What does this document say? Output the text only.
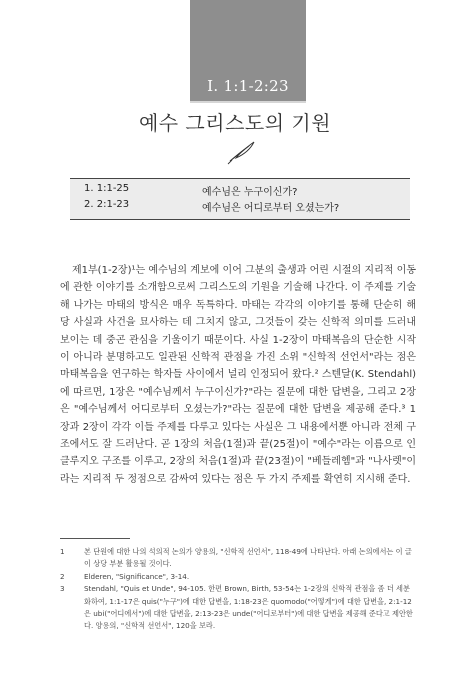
I. 1:1-2:23
예수 그리스도의 기원
1. 1:1-25	예수님은 누구이신가?
2. 2:1-23	예수님은 어디로부터 오셨는가?

제1부(1-2장)¹는 예수님의 계보에 이어 그분의 출생과 어린 시절의 지리적 이동에 관한 이야기를 소개함으로써 그리스도의 기원을 기술해 나간다. 이 주제를 기술해 나가는 마태의 방식은 매우 독특하다. 마태는 각각의 이야기를 통해 단순히 해당 사실과 사건을 묘사하는 데 그치지 않고, 그것들이 갖는 신학적 의미를 드러내 보이는 데 중곤 관심을 기울이기 때문이다. 사실 1-2장이 마태복음의 단순한 시작이 아니라 분명하고도 일관된 신학적 관점을 가진 소위 "신학적 선언서"라는 점은 마태복음을 연구하는 학자들 사이에서 널리 인정되어 왔다.² 스텐달(K. Stendahl)에 따르면, 1장은 "예수님께서 누구이신가?"라는 질문에 대한 답변을, 그리고 2장은 "예수님께서 어디로부터 오셨는가?"라는 질문에 대한 답변을 제공해 준다.³ 1장과 2장이 각각 이들 주제를 다루고 있다는 사실은 그 내용에서뿐 아니라 전체 구조에서도 잘 드러난다. 곧 1장의 처음(1절)과 끝(25절)이 "예수"라는 이름으로 인클루지오 구조를 이루고, 2장의 처음(1절)과 끝(23절)이 "베들레헴"과 "나사렛"이라는 지리적 두 정점으로 감싸여 있다는 점은 두 가지 주제를 확연히 지시해 준다.

1	본 단원에 대한 나의 석의적 논의가 양용의, "신학적 선언서", 118-49에 나타난다. 아래 논의에서는 이 글이 상당 부분 활용될 것이다.
2	Elderen, "Significance", 3-14.
3	Stendahl, "Quis et Unde", 94-105. 한편 Brown, Birth, 53-54는 1-2장의 신학적 관점을 좀 더 세분화하여, 1:1-17은 quis("누구")에 대한 답변을, 1:18-23은 quomodo("어떻게")에 대한 답변을, 2:1-12은 ubi("어디에서")에 대한 답변을, 2:13-23은 unde("어디로부터")에 대한 답변을 제공해 준다고 제안한다. 양용의, "신학적 선언서", 120을 보라.
